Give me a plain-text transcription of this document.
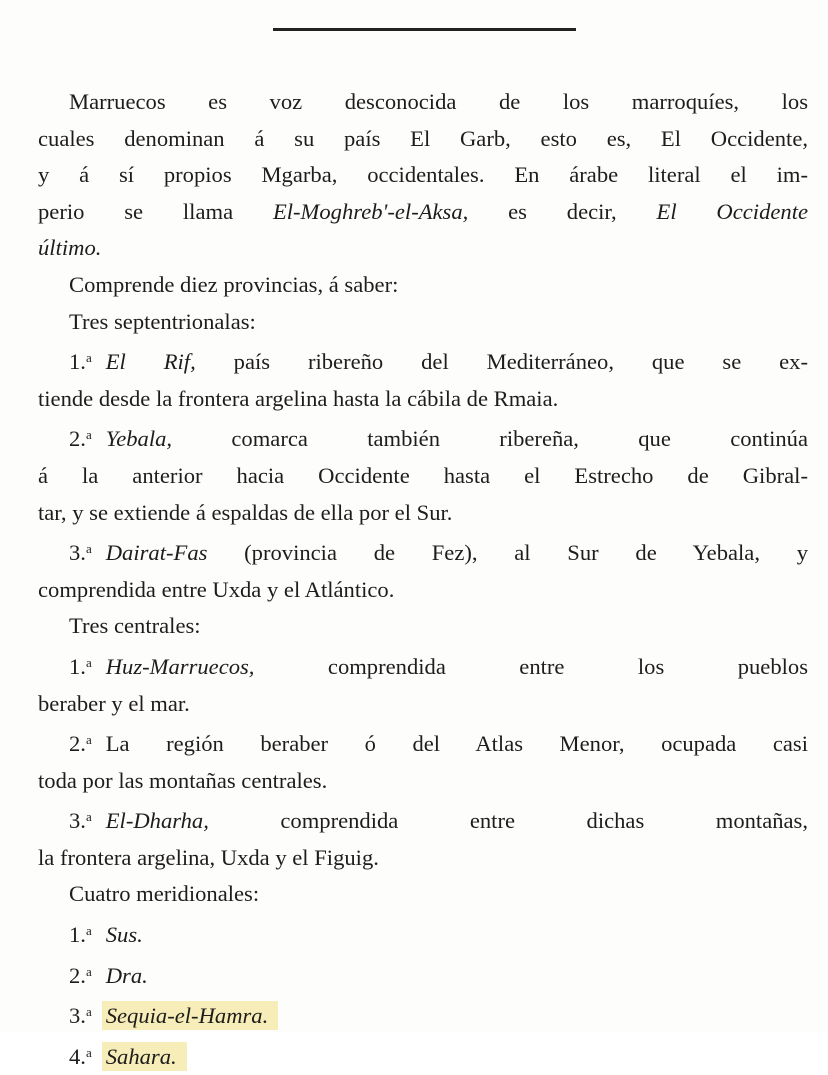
Marruecos es voz desconocida de los marroquíes, los
cuales denominan á su país El Garb, esto es, El Occidente,
y á sí propios Mgarba, occidentales. En árabe literal el im-
perio se llama El-Moghreb'-el-Aksa, es decir, El Occidente
último.
Comprende diez provincias, á saber:
Tres septentrionalas:
1.$^a$ El Rif, país ribereño del Mediterráneo, que se ex-
tiende desde la frontera argelina hasta la cábila de Rmaia.
2.$^a$ Yebala, comarca también ribereña, que continúa
á la anterior hacia Occidente hasta el Estrecho de Gibral-
tar, y se extiende á espaldas de ella por el Sur.
3.$^a$ Dairat-Fas (provincia de Fez), al Sur de Yebala, y
comprendida entre Uxda y el Atlántico.
Tres centrales:
1.$^a$ Huz-Marruecos, comprendida entre los pueblos
beraber y el mar.
2.$^a$ La región beraber ó del Atlas Menor, ocupada casi
toda por las montañas centrales.
3.$^a$ El-Dharha, comprendida entre dichas montañas,
la frontera argelina, Uxda y el Figuig.
Cuatro meridionales:
1.$^a$ Sus.
2.$^a$ Dra.
3.$^a$ Sequia-el-Hamra.
4.$^a$ Sahara.
